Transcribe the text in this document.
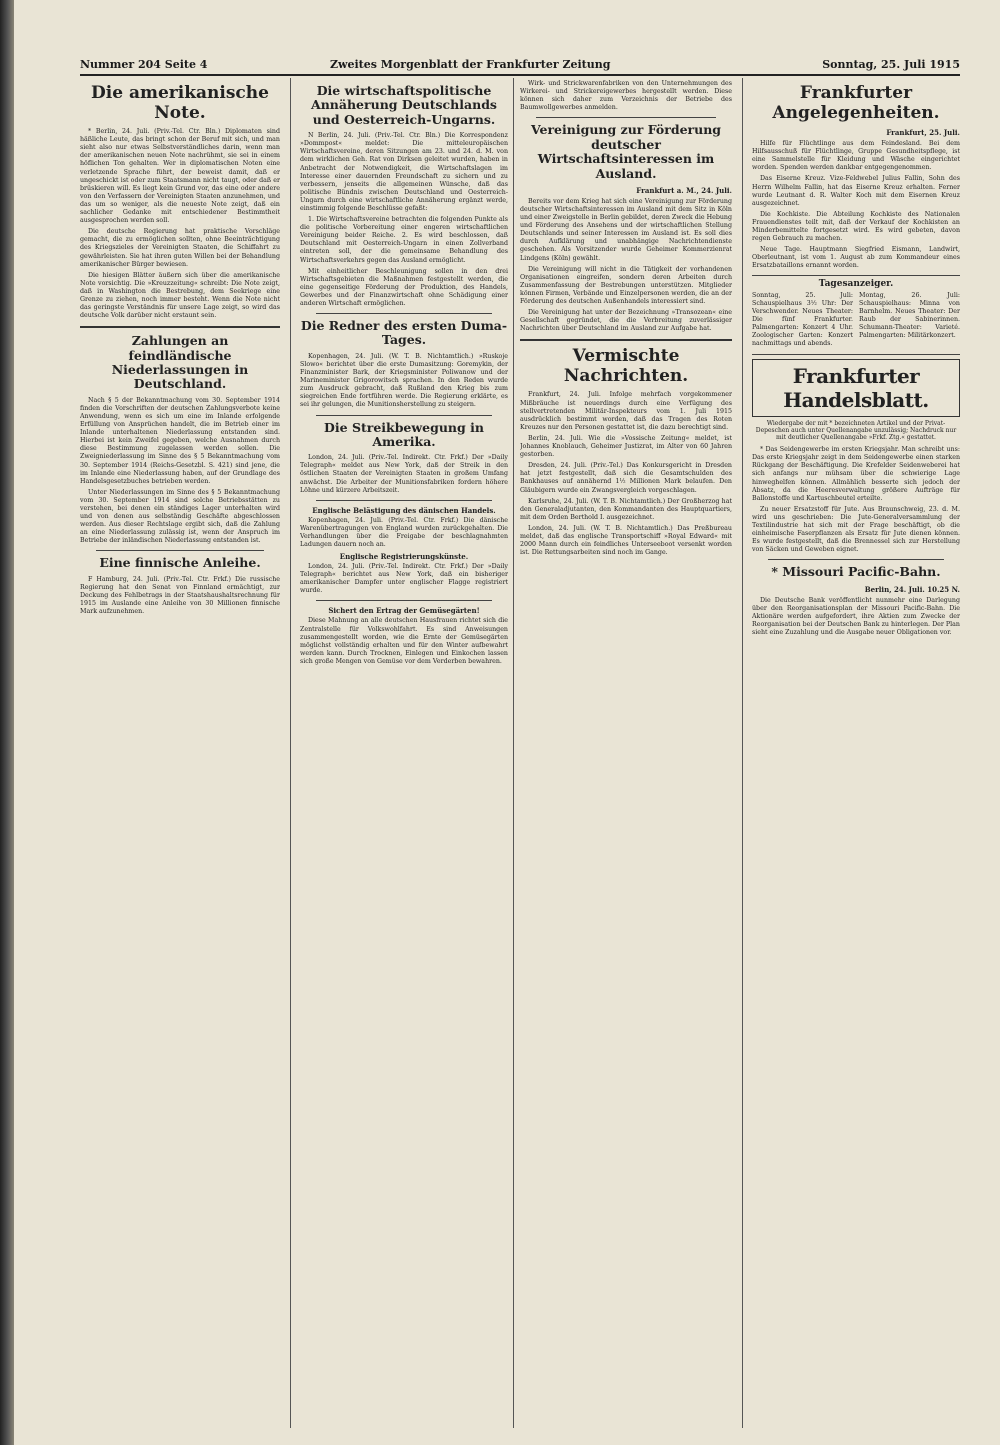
Nummer 204 Seite 4	Zweites Morgenblatt der Frankfurter Zeitung	Sonntag, 25. Juli 1915
Die amerikanische Note.

* Berlin, 24. Juli. (Priv.-Tel. Ctr. Bln.) Diplomaten sind häßliche Leute, das bringt schon der Beruf mit sich, und man sieht also nur etwas Selbstverständliches darin, wenn man der amerikanischen neuen Note nachrühmt, sie sei in einem höflichen Ton gehalten. Wer in diplomatischen Noten eine verletzende Sprache führt, der beweist damit, daß er ungeschickt ist oder zum Staatsmann nicht taugt, oder daß er brüskieren will. Es liegt kein Grund vor, das eine oder andere von den Verfassern der Vereinigten Staaten anzunehmen, und das um so weniger, als die neueste Note zeigt, daß ein sachlicher Gedanke mit entschiedener Bestimmtheit ausgesprochen werden soll.

Die deutsche Regierung hat praktische Vorschläge gemacht, die zu ermöglichen sollten, ohne Beeinträchtigung des Kriegszieles der Vereinigten Staaten, die Schiffahrt zu gewährleisten. Sie hat ihren guten Willen bei der Behandlung amerikanischer Bürger bewiesen.

Die hiesigen Blätter äußern sich über die amerikanische Note vorsichtig. Die »Kreuzzeitung« schreibt: Die Note zeigt, daß in Washington die Bestrebung, dem Seekriege eine Grenze zu ziehen, noch immer besteht. Wenn die Note nicht das geringste Verständnis für unsere Lage zeigt, so wird das deutsche Volk darüber nicht erstaunt sein.

Zahlungen an feindländische Niederlassungen in Deutschland.

Nach § 5 der Bekanntmachung vom 30. September 1914 finden die Vorschriften der deutschen Zahlungsverbote keine Anwendung, wenn es sich um eine im Inlande erfolgende Erfüllung von Ansprüchen handelt, die im Betrieb einer im Inlande unterhaltenen Niederlassung entstanden sind. Hierbei ist kein Zweifel gegeben, welche Ausnahmen durch diese Bestimmung zugelassen werden sollen. Die Zweigniederlassung im Sinne des § 5 Bekanntmachung vom 30. September 1914 (Reichs-Gesetzbl. S. 421) sind jene, die im Inlande eine Niederlassung haben, auf der Grundlage des Handelsgesetzbuches betrieben werden.

Unter Niederlassungen im Sinne des § 5 Bekanntmachung vom 30. September 1914 sind solche Betriebsstätten zu verstehen, bei denen ein ständiges Lager unterhalten wird und von denen aus selbständig Geschäfte abgeschlossen werden. Aus dieser Rechtslage ergibt sich, daß die Zahlung an eine Niederlassung zulässig ist, wenn der Anspruch im Betriebe der inländischen Niederlassung entstanden ist.

Eine finnische Anleihe.

F Hamburg, 24. Juli. (Priv.-Tel. Ctr. Frkf.) Die russische Regierung hat den Senat von Finnland ermächtigt, zur Deckung des Fehlbetrags in der Staatshaushaltsrechnung für 1915 im Auslande eine Anleihe von 30 Millionen finnische Mark aufzunehmen.

Die wirtschaftspolitische Annäherung Deutschlands und Oesterreich-Ungarns.

N Berlin, 24. Juli. (Priv.-Tel. Ctr. Bln.) Die Korrespondenz »Dommpost« meldet: Die mitteleuropäischen Wirtschaftsvereine, deren Sitzungen am 23. und 24. d. M. von dem wirklichen Geh. Rat von Dirksen geleitet wurden, haben in Anbetracht der Notwendigkeit, die Wirtschaftslagen im Interesse einer dauernden Freundschaft zu sichern und zu verbessern, jenseits die allgemeinen Wünsche, daß das politische Bündnis zwischen Deutschland und Oesterreich-Ungarn durch eine wirtschaftliche Annäherung ergänzt werde, einstimmig folgende Beschlüsse gefaßt:

1. Die Wirtschaftsvereine betrachten die folgenden Punkte als die politische Vorbereitung einer engeren wirtschaftlichen Vereinigung beider Reiche. 2. Es wird beschlossen, daß Deutschland mit Oesterreich-Ungarn in einen Zollverband eintreten soll, der die gemeinsame Behandlung des Wirtschaftsverkehrs gegen das Ausland ermöglicht.

Mit einheitlicher Beschleunigung sollen in den drei Wirtschaftsgebieten die Maßnahmen festgestellt werden, die eine gegenseitige Förderung der Produktion, des Handels, Gewerbes und der Finanzwirtschaft ohne Schädigung einer anderen Wirtschaft ermöglichen.

Die Redner des ersten Duma-Tages.

Kopenhagen, 24. Juli. (W. T. B. Nichtamtlich.) »Ruskoje Slowo« berichtet über die erste Dumasitzung: Goremykin, der Finanzminister Bark, der Kriegsminister Poliwanow und der Marineminister Grigorowitsch sprachen. In den Reden wurde zum Ausdruck gebracht, daß Rußland den Krieg bis zum siegreichen Ende fortführen werde. Die Regierung erklärte, es sei ihr gelungen, die Munitionsherstellung zu steigern.

Die Streikbewegung in Amerika.

London, 24. Juli. (Priv.-Tel. Indirekt. Ctr. Frkf.) Der »Daily Telegraph« meldet aus New York, daß der Streik in den östlichen Staaten der Vereinigten Staaten in großem Umfang anwächst. Die Arbeiter der Munitionsfabriken fordern höhere Löhne und kürzere Arbeitszeit.

Englische Belästigung des dänischen Handels.

Kopenhagen, 24. Juli. (Priv.-Tel. Ctr. Frkf.) Die dänische Warenübertragungen von England wurden zurückgehalten. Die Verhandlungen über die Freigabe der beschlagnahmten Ladungen dauern noch an.

Englische Registrierungskünste.

London, 24. Juli. (Priv.-Tel. Indirekt. Ctr. Frkf.) Der »Daily Telegraph« berichtet aus New York, daß ein bisheriger amerikanischer Dampfer unter englischer Flagge registriert wurde.

Sichert den Ertrag der Gemüsegärten!

Diese Mahnung an alle deutschen Hausfrauen richtet sich die Zentralstelle für Volkswohlfahrt. Es sind Anweisungen zusammengestellt worden, wie die Ernte der Gemüsegärten möglichst vollständig erhalten und für den Winter aufbewahrt werden kann. Durch Trocknen, Einlegen und Einkochen lassen sich große Mengen von Gemüse vor dem Verderben bewahren.

Wirk- und Strickwarenfabriken von den Unternehmungen des Wirkerei- und Strickereigewerbes hergestellt werden. Diese können sich daher zum Verzeichnis der Betriebe des Baumwollgewerbes anmelden.

Vereinigung zur Förderung deutscher Wirtschaftsinteressen im Ausland.
Frankfurt a. M., 24. Juli.

Bereits vor dem Krieg hat sich eine Vereinigung zur Förderung deutscher Wirtschaftsinteressen im Ausland mit dem Sitz in Köln und einer Zweigstelle in Berlin gebildet, deren Zweck die Hebung und Förderung des Ansehens und der wirtschaftlichen Stellung Deutschlands und seiner Interessen im Ausland ist. Es soll dies durch Aufklärung und unabhängige Nachrichtendienste geschehen. Als Vorsitzender wurde Geheimer Kommerzienrat Lindgens (Köln) gewählt.

Die Vereinigung will nicht in die Tätigkeit der vorhandenen Organisationen eingreifen, sondern deren Arbeiten durch Zusammenfassung der Bestrebungen unterstützen. Mitglieder können Firmen, Verbände und Einzelpersonen werden, die an der Förderung des deutschen Außenhandels interessiert sind.

Die Vereinigung hat unter der Bezeichnung »Transozean« eine Gesellschaft gegründet, die die Verbreitung zuverlässiger Nachrichten über Deutschland im Ausland zur Aufgabe hat.

Vermischte Nachrichten.

Frankfurt, 24. Juli. Infolge mehrfach vorgekommener Mißbräuche ist neuerdings durch eine Verfügung des stellvertretenden Militär-Inspekteurs vom 1. Juli 1915 ausdrücklich bestimmt worden, daß das Tragen des Roten Kreuzes nur den Personen gestattet ist, die dazu berechtigt sind.

Berlin, 24. Juli. Wie die »Vossische Zeitung« meldet, ist Johannes Knoblauch, Geheimer Justizrat, im Alter von 60 Jahren gestorben.

Dresden, 24. Juli. (Priv.-Tel.) Das Konkursgericht in Dresden hat jetzt festgestellt, daß sich die Gesamtschulden des Bankhauses auf annähernd 1½ Millionen Mark belaufen. Den Gläubigern wurde ein Zwangsvergleich vorgeschlagen.

Karlsruhe, 24. Juli. (W. T. B. Nichtamtlich.) Der Großherzog hat den Generaladjutanten, den Kommandanten des Hauptquartiers, mit dem Orden Berthold I. ausgezeichnet.

London, 24. Juli. (W. T. B. Nichtamtlich.) Das Preßbureau meldet, daß das englische Transportschiff »Royal Edward« mit 2000 Mann durch ein feindliches Unterseeboot versenkt worden ist. Die Rettungsarbeiten sind noch im Gange.

Frankfurter Angelegenheiten.
Frankfurt, 25. Juli.

Hilfe für Flüchtlinge aus dem Feindesland. Bei dem Hilfsausschuß für Flüchtlinge, Gruppe Gesundheitspflege, ist eine Sammelstelle für Kleidung und Wäsche eingerichtet worden. Spenden werden dankbar entgegengenommen.

Das Eiserne Kreuz. Vize-Feldwebel Julius Fallin, Sohn des Herrn Wilhelm Fallin, hat das Eiserne Kreuz erhalten. Ferner wurde Leutnant d. R. Walter Koch mit dem Eisernen Kreuz ausgezeichnet.

Die Kochkiste. Die Abteilung Kochkiste des Nationalen Frauendienstes teilt mit, daß der Verkauf der Kochkisten an Minderbemittelte fortgesetzt wird. Es wird gebeten, davon regen Gebrauch zu machen.

Neue Tage. Hauptmann Siegfried Eismann, Landwirt, Oberleutnant, ist vom 1. August ab zum Kommandeur eines Ersatzbataillons ernannt worden.

Tagesanzeiger.

Sonntag, 25. Juli: Schauspielhaus 3½ Uhr: Der Verschwender. Neues Theater: Die fünf Frankfurter. Palmengarten: Konzert 4 Uhr. Zoologischer Garten: Konzert nachmittags und abends.

Montag, 26. Juli: Schauspielhaus: Minna von Barnhelm. Neues Theater: Der Raub der Sabinerinnen. Schumann-Theater: Varieté. Palmengarten: Militärkonzert.

Frankfurter Handelsblatt.
Wiedergabe der mit * bezeichneten Artikel und der Privat-Depeschen auch unter Quellenangabe unzulässig; Nachdruck nur mit deutlicher Quellenangabe »Frkf. Ztg.« gestattet.

* Das Seidengewerbe im ersten Kriegsjahr. Man schreibt uns: Das erste Kriegsjahr zeigt in dem Seidengewerbe einen starken Rückgang der Beschäftigung. Die Krefelder Seidenweberei hat sich anfangs nur mühsam über die schwierige Lage hinweghelfen können. Allmählich besserte sich jedoch der Absatz, da die Heeresverwaltung größere Aufträge für Ballonstoffe und Kartuschbeutel erteilte.

Zu neuer Ersatzstoff für Jute. Aus Braunschweig, 23. d. M. wird uns geschrieben: Die Jute-Generalversammlung der Textilindustrie hat sich mit der Frage beschäftigt, ob die einheimische Faserpflanzen als Ersatz für Jute dienen können. Es wurde festgestellt, daß die Brennessel sich zur Herstellung von Säcken und Geweben eignet.

* Missouri Pacific-Bahn.
Berlin, 24. Juli. 10.25 N.

Die Deutsche Bank veröffentlicht nunmehr eine Darlegung über den Reorganisationsplan der Missouri Pacific-Bahn. Die Aktionäre werden aufgefordert, ihre Aktien zum Zwecke der Reorganisation bei der Deutschen Bank zu hinterlegen. Der Plan sieht eine Zuzahlung und die Ausgabe neuer Obligationen vor.
